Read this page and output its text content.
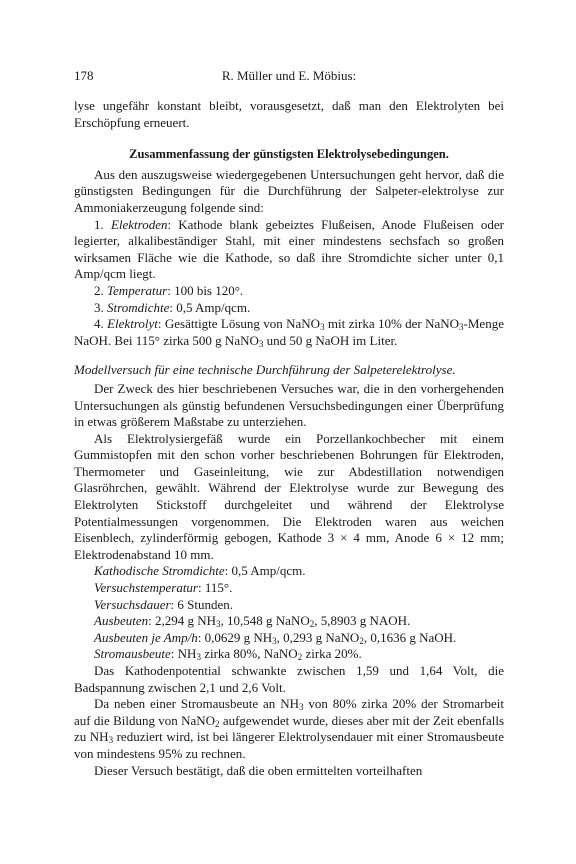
178	R. Müller und E. Möbius:

lyse ungefähr konstant bleibt, vorausgesetzt, daß man den Elektrolyten bei Erschöpfung erneuert.

Zusammenfassung der günstigsten Elektrolysebedingungen.

Aus den auszugsweise wiedergegebenen Untersuchungen geht hervor, daß die günstigsten Bedingungen für die Durchführung der Salpeter-elektrolyse zur Ammoniakerzeugung folgende sind:

1. Elektroden: Kathode blank gebeiztes Flußeisen, Anode Flußeisen oder legierter, alkalibeständiger Stahl, mit einer mindestens sechsfach so großen wirksamen Fläche wie die Kathode, so daß ihre Stromdichte sicher unter 0,1 Amp/qcm liegt.

2. Temperatur: 100 bis 120°.

3. Stromdichte: 0,5 Amp/qcm.

4. Elektrolyt: Gesättigte Lösung von NaNO$_3$ mit zirka 10% der NaNO$_3$-Menge NaOH. Bei 115° zirka 500 g NaNO$_3$ und 50 g NaOH im Liter.

Modellversuch für eine technische Durchführung der Salpeterelektrolyse.

Der Zweck des hier beschriebenen Versuches war, die in den vorhergehenden Untersuchungen als günstig befundenen Versuchsbedingungen einer Überprüfung in etwas größerem Maßstabe zu unterziehen.

Als Elektrolysiergefäß wurde ein Porzellankochbecher mit einem Gummistopfen mit den schon vorher beschriebenen Bohrungen für Elektroden, Thermometer und Gaseinleitung, wie zur Abdestillation notwendigen Glasröhrchen, gewählt. Während der Elektrolyse wurde zur Bewegung des Elektrolyten Stickstoff durchgeleitet und während der Elektrolyse Potentialmessungen vorgenommen. Die Elektroden waren aus weichen Eisenblech, zylinderförmig gebogen, Kathode 3 × 4 mm, Anode 6 × 12 mm; Elektrodenabstand 10 mm.

Kathodische Stromdichte: 0,5 Amp/qcm.

Versuchstemperatur: 115°.

Versuchsdauer: 6 Stunden.

Ausbeuten: 2,294 g $NH_3$, 10,548 g NaNO$_2$, 5,8903 g NAOH.

Ausbeuten je Amp/h: 0,0629 g $NH_3$, 0,293 g NaNO$_2$, 0,1636 g NaOH.

Stromausbeute: $NH_3$ zirka 80%, NaNO$_2$ zirka 20%.

Das Kathodenpotential schwankte zwischen 1,59 und 1,64 Volt, die Badspannung zwischen 2,1 und 2,6 Volt.

Da neben einer Stromausbeute an $NH_3$ von 80% zirka 20% der Stromarbeit auf die Bildung von NaNO$_2$ aufgewendet wurde, dieses aber mit der Zeit ebenfalls zu $NH_3$ reduziert wird, ist bei längerer Elektrolysendauer mit einer Stromausbeute von mindestens 95% zu rechnen.

Dieser Versuch bestätigt, daß die oben ermittelten vorteilhaften
